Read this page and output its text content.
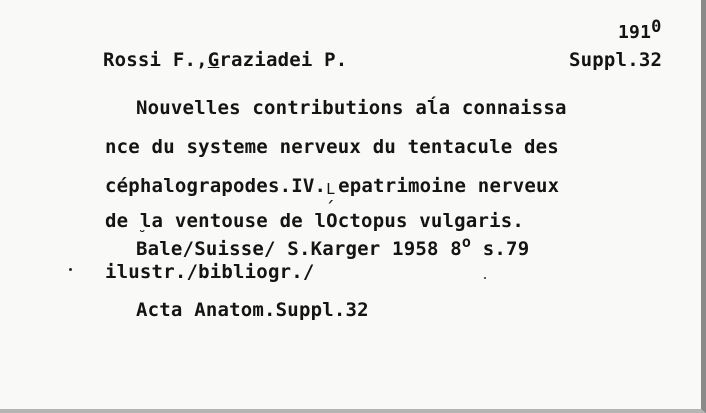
1910
Rossi F.,Graziadei P.	Suppl.32
Nouvelles contributions aĺa connaissa
nce du systeme nerveux du tentacule des
céphalograpodes.IV. epatrimoine nerveux
de la ventouse de l´ Octopus vulgaris.
B ˘ale/Suisse/ S.Karger 1958 8$^o$ s.79
ilustr./bibliogr./
Acta Anatom.Suppl.32
